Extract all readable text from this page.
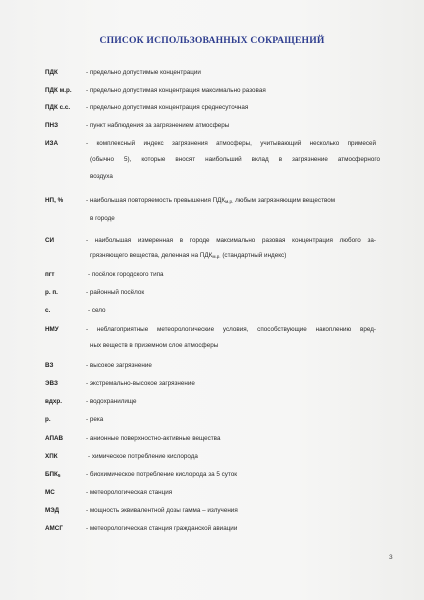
СПИСОК ИСПОЛЬЗОВАННЫХ СОКРАЩЕНИЙ
ПДК	- предельно допустимые концентрации
ПДК м.р.	- предельно допустимая концентрация максимально разовая
ПДК с.с.	- предельно допустимая концентрация среднесуточная
ПНЗ	- пункт наблюдения за загрязнением атмосферы
ИЗА	- комплексный индекс загрязнения атмосферы, учитывающий несколько примесей
(обычно 5), которые вносят наибольший вклад в загрязнение атмосферного
воздуха
НП, %	- наибольшая повторяемость превышения $ПДК_{м.р.}$ любым загрязняющим веществом
в городе
СИ	- наибольшая измеренная в городе максимально разовая концентрация любого за-
грязняющего вещества, деленная на $ПДК_{м.р.}$ (стандартный индекс)
пгт	- посёлок городского типа
р. п.	- районный посёлок
с.	- село
НМУ	- неблагоприятные метеорологические условия, способствующие накоплению вред-
ных веществ в приземном слое атмосферы
ВЗ	- высокое загрязнение
ЭВЗ	- экстремально-высокое загрязнение
вдхр.	- водохранилище
р.	- река
АПАВ	- анионные поверхностно-активные вещества
ХПК	- химическое потребление кислорода
$БПК_5$	- биохимическое потребление кислорода за 5 суток
МС	- метеорологическая станция
МЭД	- мощность эквивалентной дозы гамма – излучения
АМСГ	- метеорологическая станция гражданской авиации
3
